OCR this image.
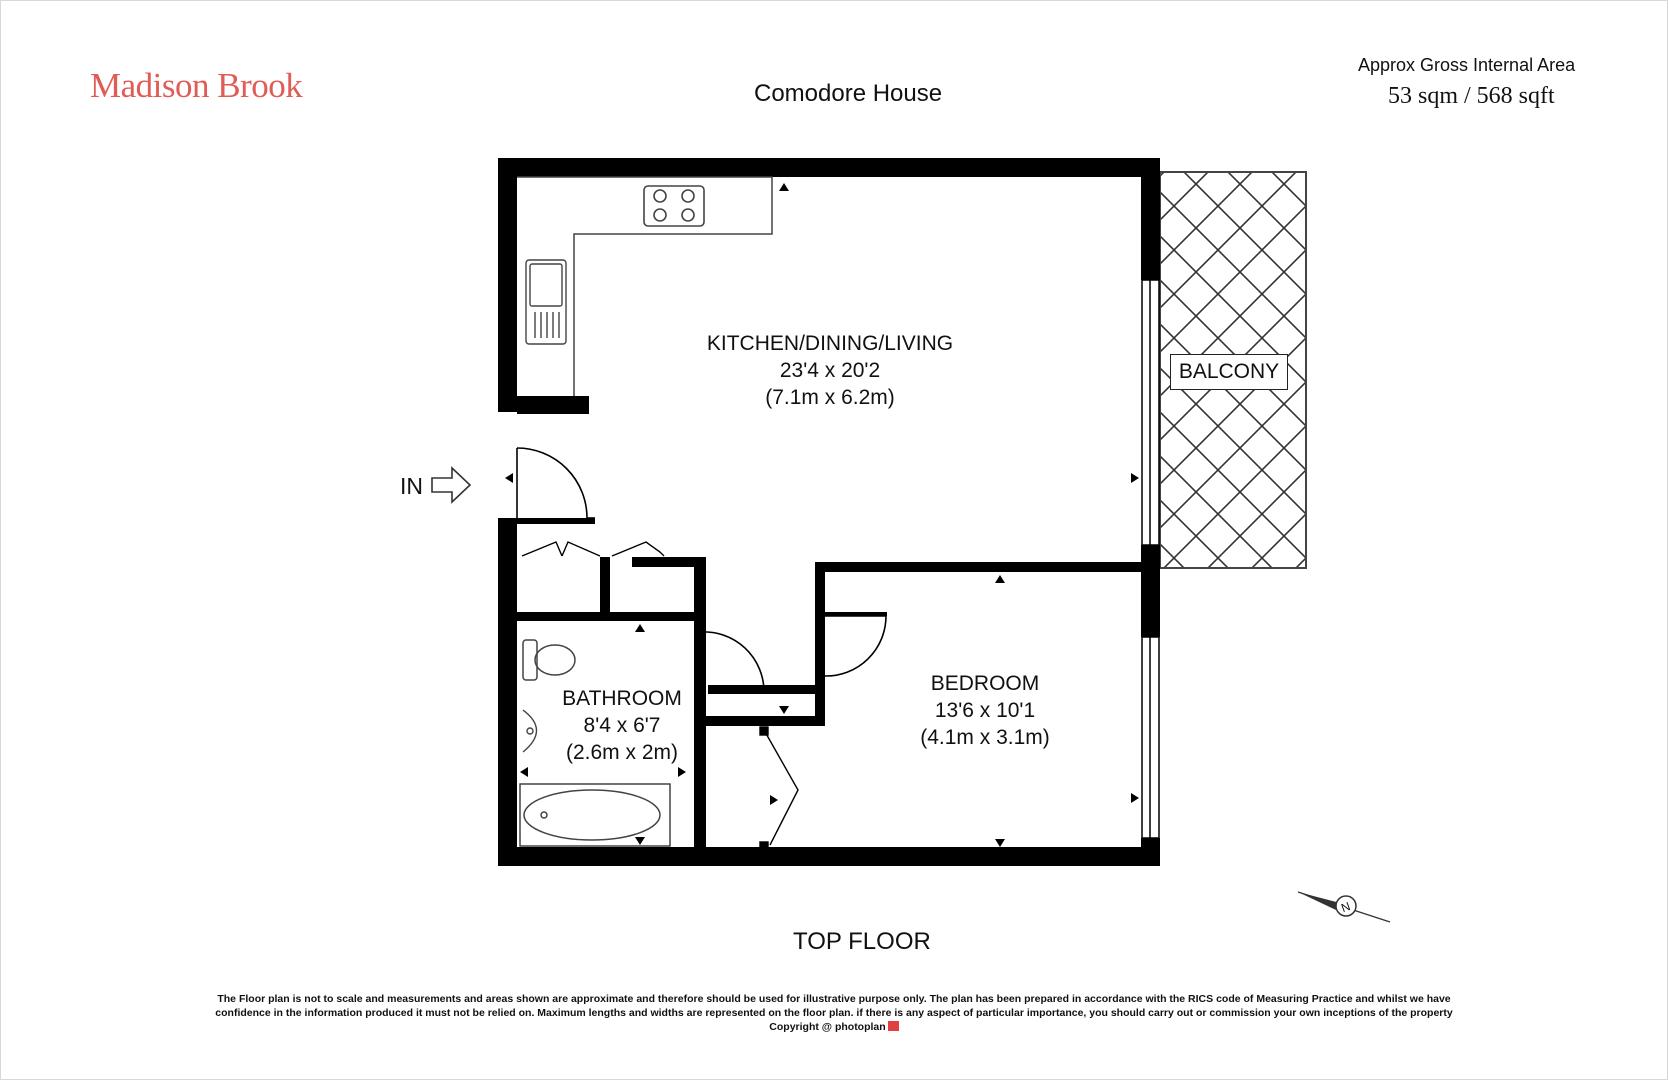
Madison Brook	Comodore House
Approx Gross Internal Area
53 sqm / 568 sqft
KITCHEN/DINING/LIVING
23'4 x 20'2
(7.1m x 6.2m)
BEDROOM
13'6 x 10'1
(4.1m x 3.1m)
BATHROOM
8'4 x 6'7
(2.6m x 2m)
BALCONY
IN
N
TOP FLOOR
The Floor plan is not to scale and measurements and areas shown are approximate and therefore should be used for illustrative purpose only. The plan has been prepared in accordance with the RICS code of Measuring Practice and whilst we have
confidence in the information produced it must not be relied on. Maximum lengths and widths are represented on the floor plan. if there is any aspect of particular importance, you should carry out or commission your own inceptions of the property
Copyright @ photoplan
